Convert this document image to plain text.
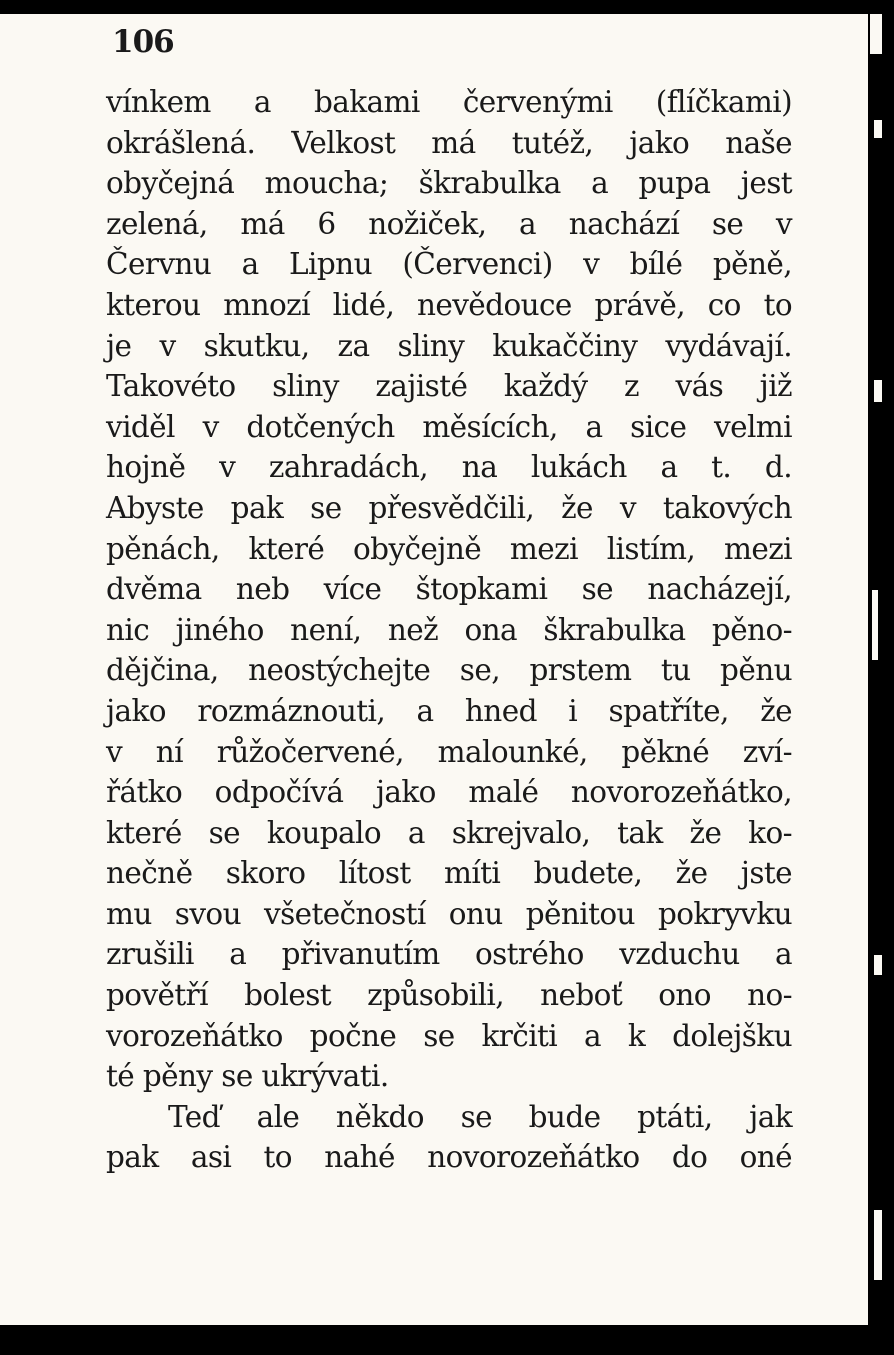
106
vínkem a bakami červenými (flíčkami)
okrášlená. Velkost má tutéž, jako naše
obyčejná moucha; škrabulka a pupa jest
zelená, má 6 nožiček, a nachází se v
Červnu a Lipnu (Červenci) v bílé pěně,
kterou mnozí lidé, nevědouce právě, co to
je v skutku, za sliny kukaččiny vydávají.
Takovéto sliny zajisté každý z vás již
viděl v dotčených měsících, a sice velmi
hojně v zahradách, na lukách a t. d.
Abyste pak se přesvědčili, že v takových
pěnách, které obyčejně mezi listím, mezi
dvěma neb více štopkami se nacházejí,
nic jiného není, než ona škrabulka pěno-
dějčina, neostýchejte se, prstem tu pěnu
jako rozmáznouti, a hned i spatříte, že
v ní růžočervené, malounké, pěkné zví-
řátko odpočívá jako malé novorozeňátko,
které se koupalo a skrejvalo, tak že ko-
nečně skoro lítost míti budete, že jste
mu svou všetečností onu pěnitou pokryvku
zrušili a přivanutím ostrého vzduchu a
povětří bolest způsobili, neboť ono no-
vorozeňátko počne se krčiti a k dolejšku
té pěny se ukrývati.
Teď ale někdo se bude ptáti, jak
pak asi to nahé novorozeňátko do oné
